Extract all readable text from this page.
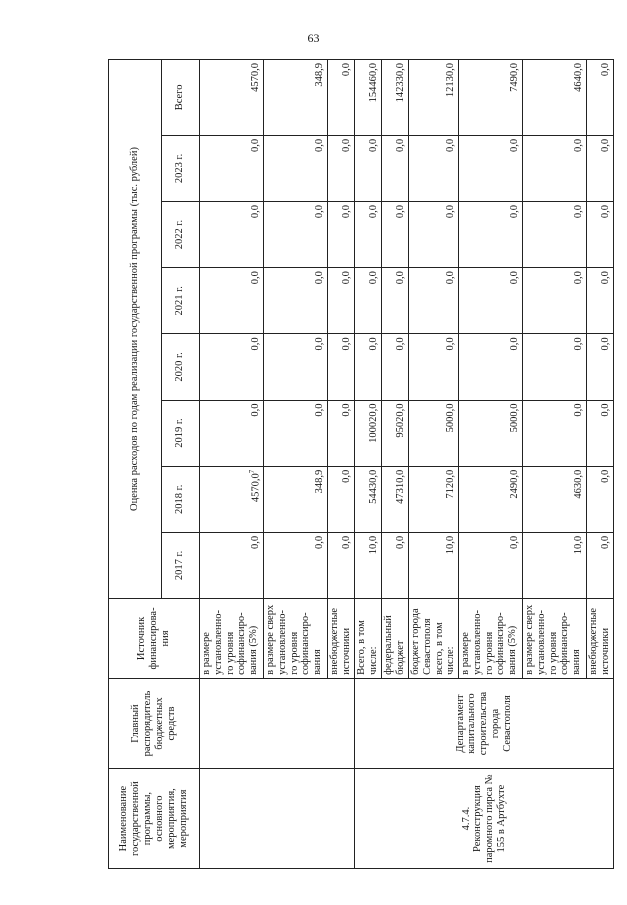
63
Наименование государственной программы, основного мероприятия, мероприятия	Главный распорядитель бюджетных средств	Источник финансирова-ния	Оценка расходов по годам реализации государственной программы (тыс. рублей)							
			2017 г.	2018 г.	2019 г.	2020 г.	2021 г.	2022 г.	2023 г.	Всего
		в размере установленно-го уровня софинансиро-вания (5%)	0,0	4570,0$^7$	0,0	0,0	0,0	0,0	0,0	4570,0
		в размере сверх установленно-го уровня софинансиро-вания	0,0	348,9	0,0	0,0	0,0	0,0	0,0	348,9
		внебюджетные источники	0,0	0,0	0,0	0,0	0,0	0,0	0,0	0,0
4.7.4. Реконструкция паромного пирса № 155 в Артбухте	Департамент капитального строительства города Севастополя	Всего, в том числе:	10,0	54430,0	100020,0	0,0	0,0	0,0	0,0	154460,0
		федеральный бюджет	0,0	47310,0	95020,0	0,0	0,0	0,0	0,0	142330,0
		бюджет города Севастополя всего, в том числе:	10,0	7120,0	5000,0	0,0	0,0	0,0	0,0	12130,0
		в размере установленно-го уровня софинансиро-вания (5%)	0,0	2490,0	5000,0	0,0	0,0	0,0	0,0	7490,0
		в размере сверх установленно-го уровня софинансиро-вания	10,0	4630,0	0,0	0,0	0,0	0,0	0,0	4640,0
		внебюджетные источники	0,0	0,0	0,0	0,0	0,0	0,0	0,0	0,0
